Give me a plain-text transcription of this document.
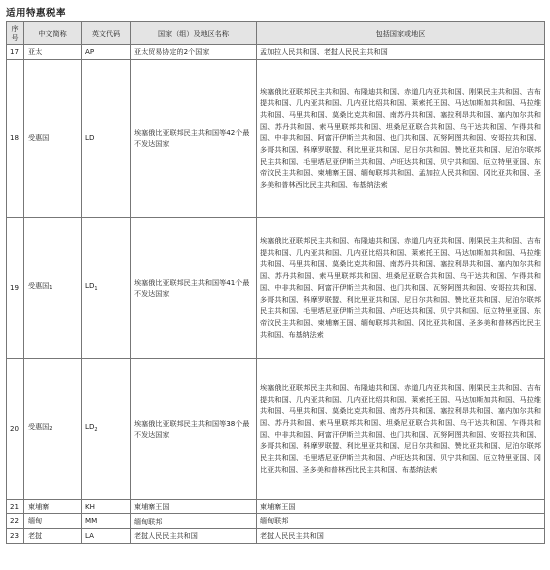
适用特惠税率
序号	中文简称	英文代码	国家（组）及地区名称	包括国家或地区
17	亚太	AP	亚太贸易协定的2个国家	孟加拉人民共和国、老挝人民民主共和国
18	受惠国	LD	埃塞俄比亚联邦民主共和国等42个最不发达国家	埃塞俄比亚联邦民主共和国、布隆迪共和国、赤道几内亚共和国、刚果民主共和国、吉布提共和国、几内亚共和国、几内亚比绍共和国、莱索托王国、马达加斯加共和国、马拉维共和国、马里共和国、莫桑比克共和国、南苏丹共和国、塞拉利昂共和国、塞内加尔共和国、苏丹共和国、索马里联邦共和国、坦桑尼亚联合共和国、乌干达共和国、乍得共和国、中非共和国、阿富汗伊斯兰共和国、也门共和国、瓦努阿图共和国、安哥拉共和国、多哥共和国、科摩罗联盟、利比里亚共和国、尼日尔共和国、赞比亚共和国、尼泊尔联邦民主共和国、毛里塔尼亚伊斯兰共和国、卢旺达共和国、贝宁共和国、厄立特里亚国、东帝汶民主共和国、柬埔寨王国、缅甸联邦共和国、孟加拉人民共和国、冈比亚共和国、圣多美和普林西比民主共和国、布基纳法索
19	受惠国1	$LD_1$	埃塞俄比亚联邦民主共和国等41个最不发达国家	埃塞俄比亚联邦民主共和国、布隆迪共和国、赤道几内亚共和国、刚果民主共和国、吉布提共和国、几内亚共和国、几内亚比绍共和国、莱索托王国、马达加斯加共和国、马拉维共和国、马里共和国、莫桑比克共和国、南苏丹共和国、塞拉利昂共和国、塞内加尔共和国、苏丹共和国、索马里联邦共和国、坦桑尼亚联合共和国、乌干达共和国、乍得共和国、中非共和国、阿富汗伊斯兰共和国、也门共和国、瓦努阿图共和国、安哥拉共和国、多哥共和国、科摩罗联盟、利比里亚共和国、尼日尔共和国、赞比亚共和国、尼泊尔联邦民主共和国、毛里塔尼亚伊斯兰共和国、卢旺达共和国、贝宁共和国、厄立特里亚国、东帝汶民主共和国、柬埔寨王国、缅甸联邦共和国、冈比亚共和国、圣多美和普林西比民主共和国、布基纳法索
20	受惠国2	$LD_2$	埃塞俄比亚联邦民主共和国等38个最不发达国家	埃塞俄比亚联邦民主共和国、布隆迪共和国、赤道几内亚共和国、刚果民主共和国、吉布提共和国、几内亚共和国、几内亚比绍共和国、莱索托王国、马达加斯加共和国、马拉维共和国、马里共和国、莫桑比克共和国、南苏丹共和国、塞拉利昂共和国、塞内加尔共和国、苏丹共和国、索马里联邦共和国、坦桑尼亚联合共和国、乌干达共和国、乍得共和国、中非共和国、阿富汗伊斯兰共和国、也门共和国、瓦努阿图共和国、安哥拉共和国、多哥共和国、科摩罗联盟、利比里亚共和国、尼日尔共和国、赞比亚共和国、尼泊尔联邦民主共和国、毛里塔尼亚伊斯兰共和国、卢旺达共和国、贝宁共和国、厄立特里亚国、冈比亚共和国、圣多美和普林西比民主共和国、布基纳法索
21	柬埔寨	KH	柬埔寨王国	柬埔寨王国
22	缅甸	MM	缅甸联邦	缅甸联邦
23	老挝	LA	老挝人民民主共和国	老挝人民民主共和国
